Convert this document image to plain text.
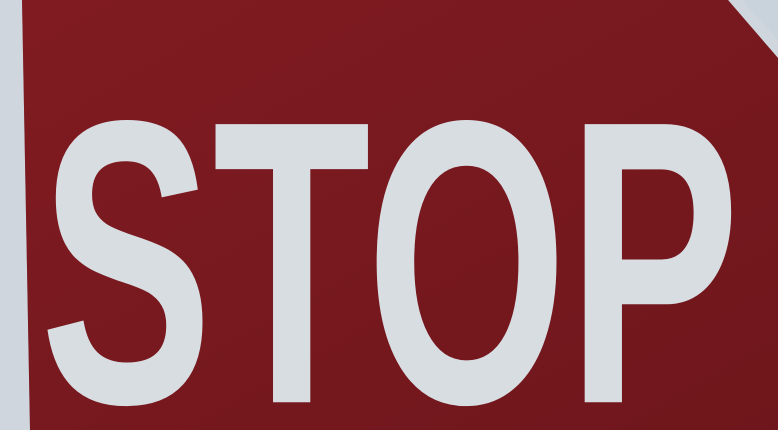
STOP
